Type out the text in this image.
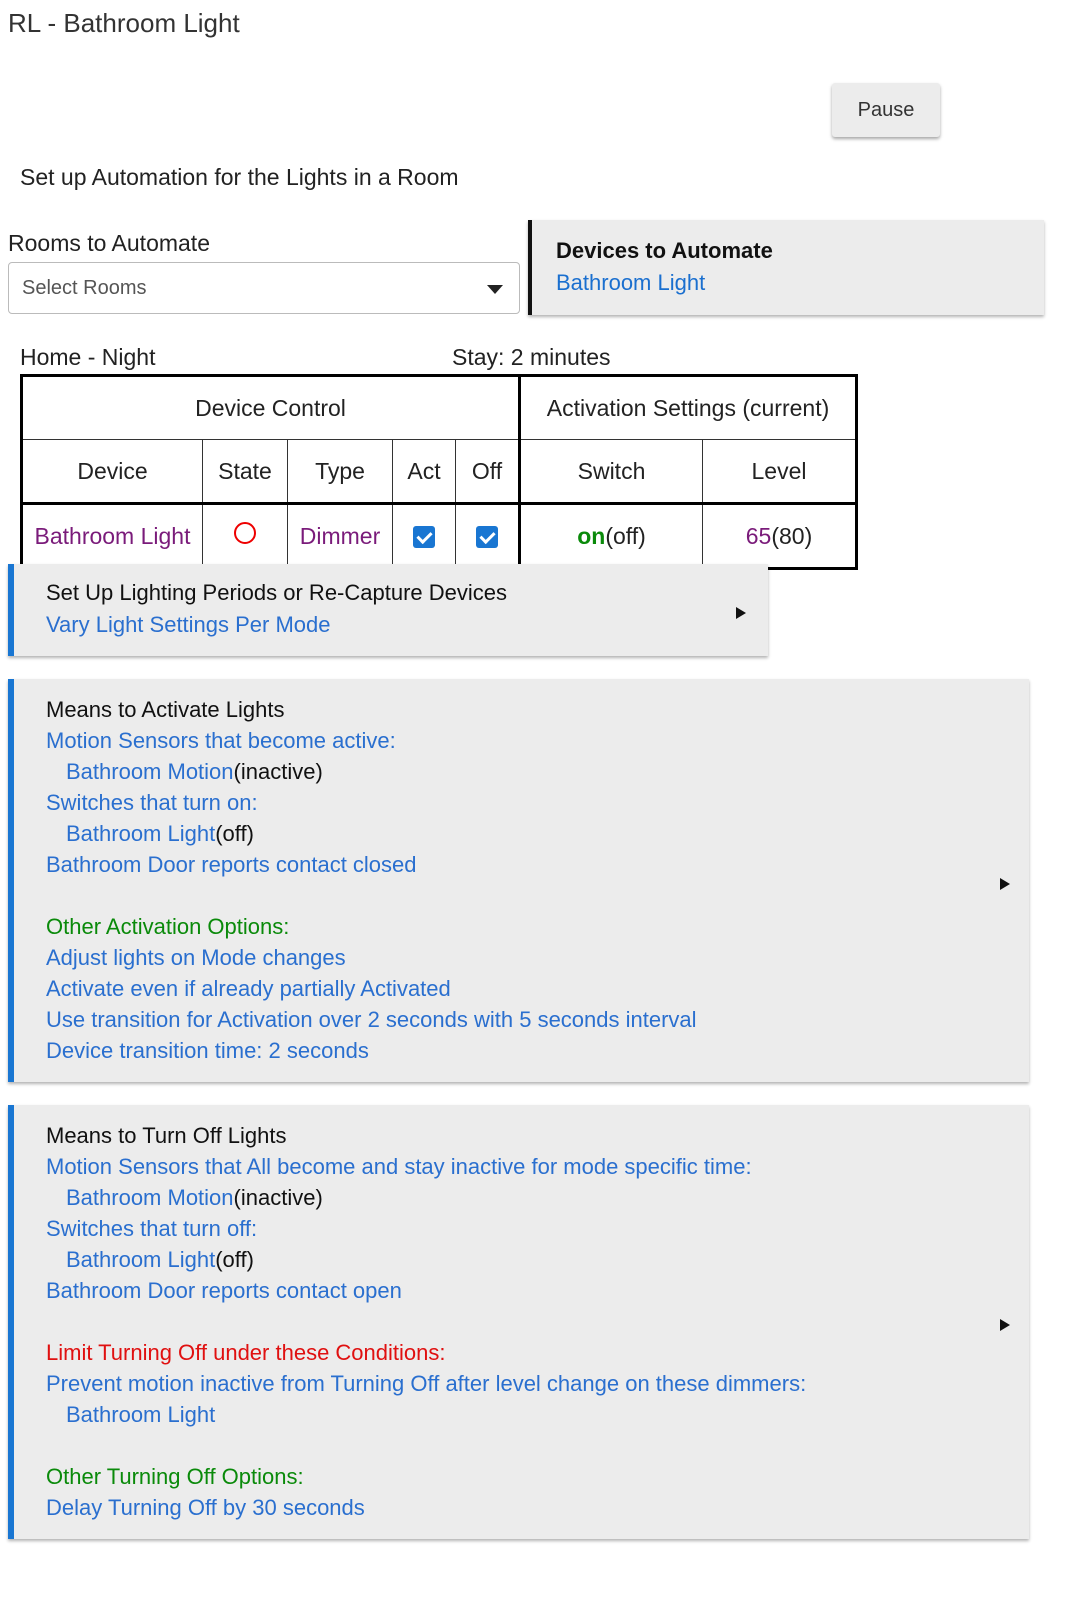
RL - Bathroom Light
Pause
Set up Automation for the Lights in a Room
Rooms to Automate
Select Rooms
Devices to Automate
Bathroom Light
Home - Night	Stay: 2 minutes
Device Control					Activation Settings (current)	
Device	State	Type	Act	Off	Switch	Level
Bathroom Light		Dimmer			on(off)	65(80)
Set Up Lighting Periods or Re-Capture Devices
Vary Light Settings Per Mode
Means to Activate Lights
Motion Sensors that become active:
Bathroom Motion(inactive)
Switches that turn on:
Bathroom Light(off)
Bathroom Door reports contact closed
Other Activation Options:
Adjust lights on Mode changes
Activate even if already partially Activated
Use transition for Activation over 2 seconds with 5 seconds interval
Device transition time: 2 seconds
Means to Turn Off Lights
Motion Sensors that All become and stay inactive for mode specific time:
Bathroom Motion(inactive)
Switches that turn off:
Bathroom Light(off)
Bathroom Door reports contact open
Limit Turning Off under these Conditions:
Prevent motion inactive from Turning Off after level change on these dimmers:
Bathroom Light
Other Turning Off Options:
Delay Turning Off by 30 seconds
